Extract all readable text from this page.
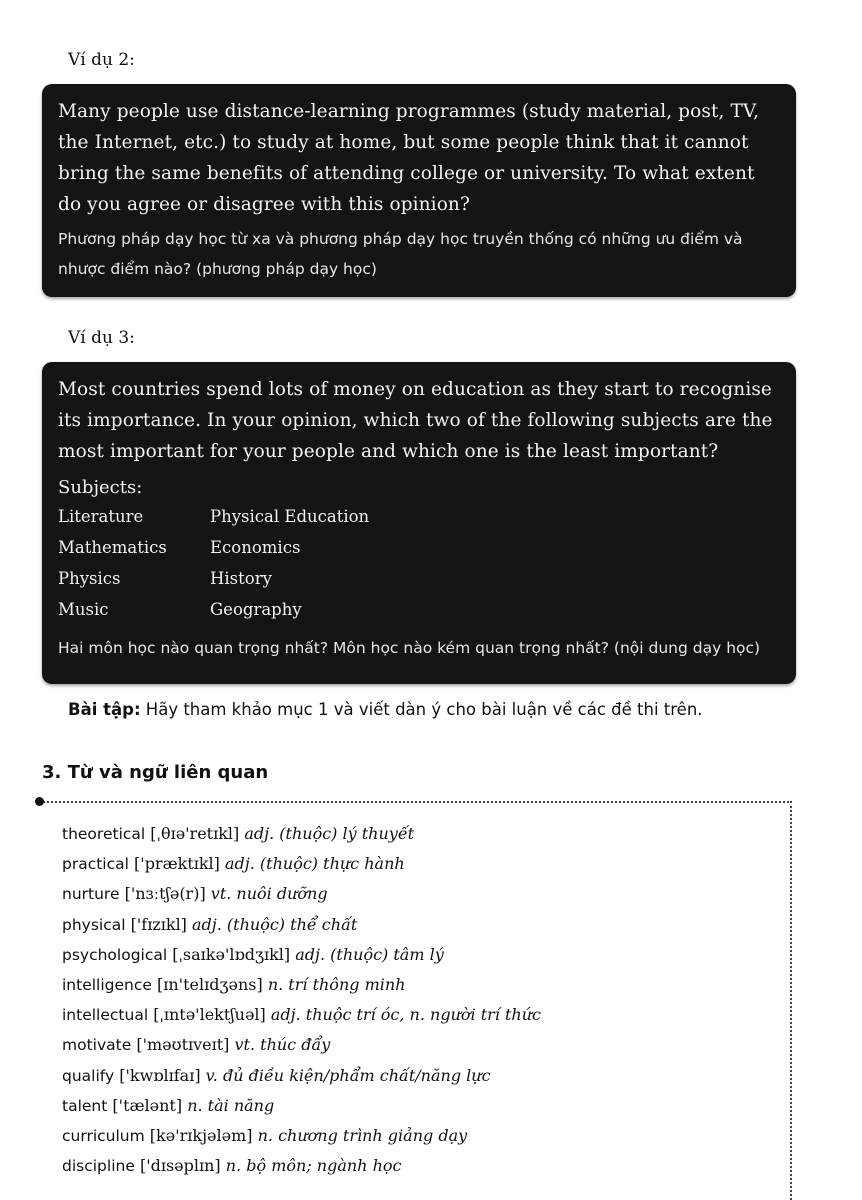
Ví dụ 2:
Many people use distance-learning programmes (study material, post, TV, the Internet, etc.) to study at home, but some people think that it cannot bring the same benefits of attending college or university. To what extent do you agree or disagree with this opinion?
Phương pháp dạy học từ xa và phương pháp dạy học truyền thống có những ưu điểm và nhược điểm nào? (phương pháp dạy học)
Ví dụ 3:
Most countries spend lots of money on education as they start to recognise its importance. In your opinion, which two of the following subjects are the most important for your people and which one is the least important?
Subjects:
Literature	Physical Education
Mathematics	Economics
Physics	History
Music	Geography
Hai môn học nào quan trọng nhất? Môn học nào kém quan trọng nhất? (nội dung dạy học)
Bài tập: Hãy tham khảo mục 1 và viết dàn ý cho bài luận về các đề thi trên.
3. Từ và ngữ liên quan
theoretical [ˌθɪə'retɪkl] adj. (thuộc) lý thuyết
practical ['præktɪkl] adj. (thuộc) thực hành
nurture ['nɜːtʃə(r)] vt. nuôi dưỡng
physical ['fɪzɪkl] adj. (thuộc) thể chất
psychological [ˌsaɪkə'lɒdʒɪkl] adj. (thuộc) tâm lý
intelligence [ɪn'telɪdʒəns] n. trí thông minh
intellectual [ˌɪntə'lektʃuəl] adj. thuộc trí óc, n. người trí thức
motivate ['məʊtɪveɪt] vt. thúc đẩy
qualify ['kwɒlɪfaɪ] v. đủ điều kiện/phẩm chất/năng lực
talent ['tælənt] n. tài năng
curriculum [kə'rɪkjələm] n. chương trình giảng dạy
discipline ['dɪsəplɪn] n. bộ môn; ngành học
